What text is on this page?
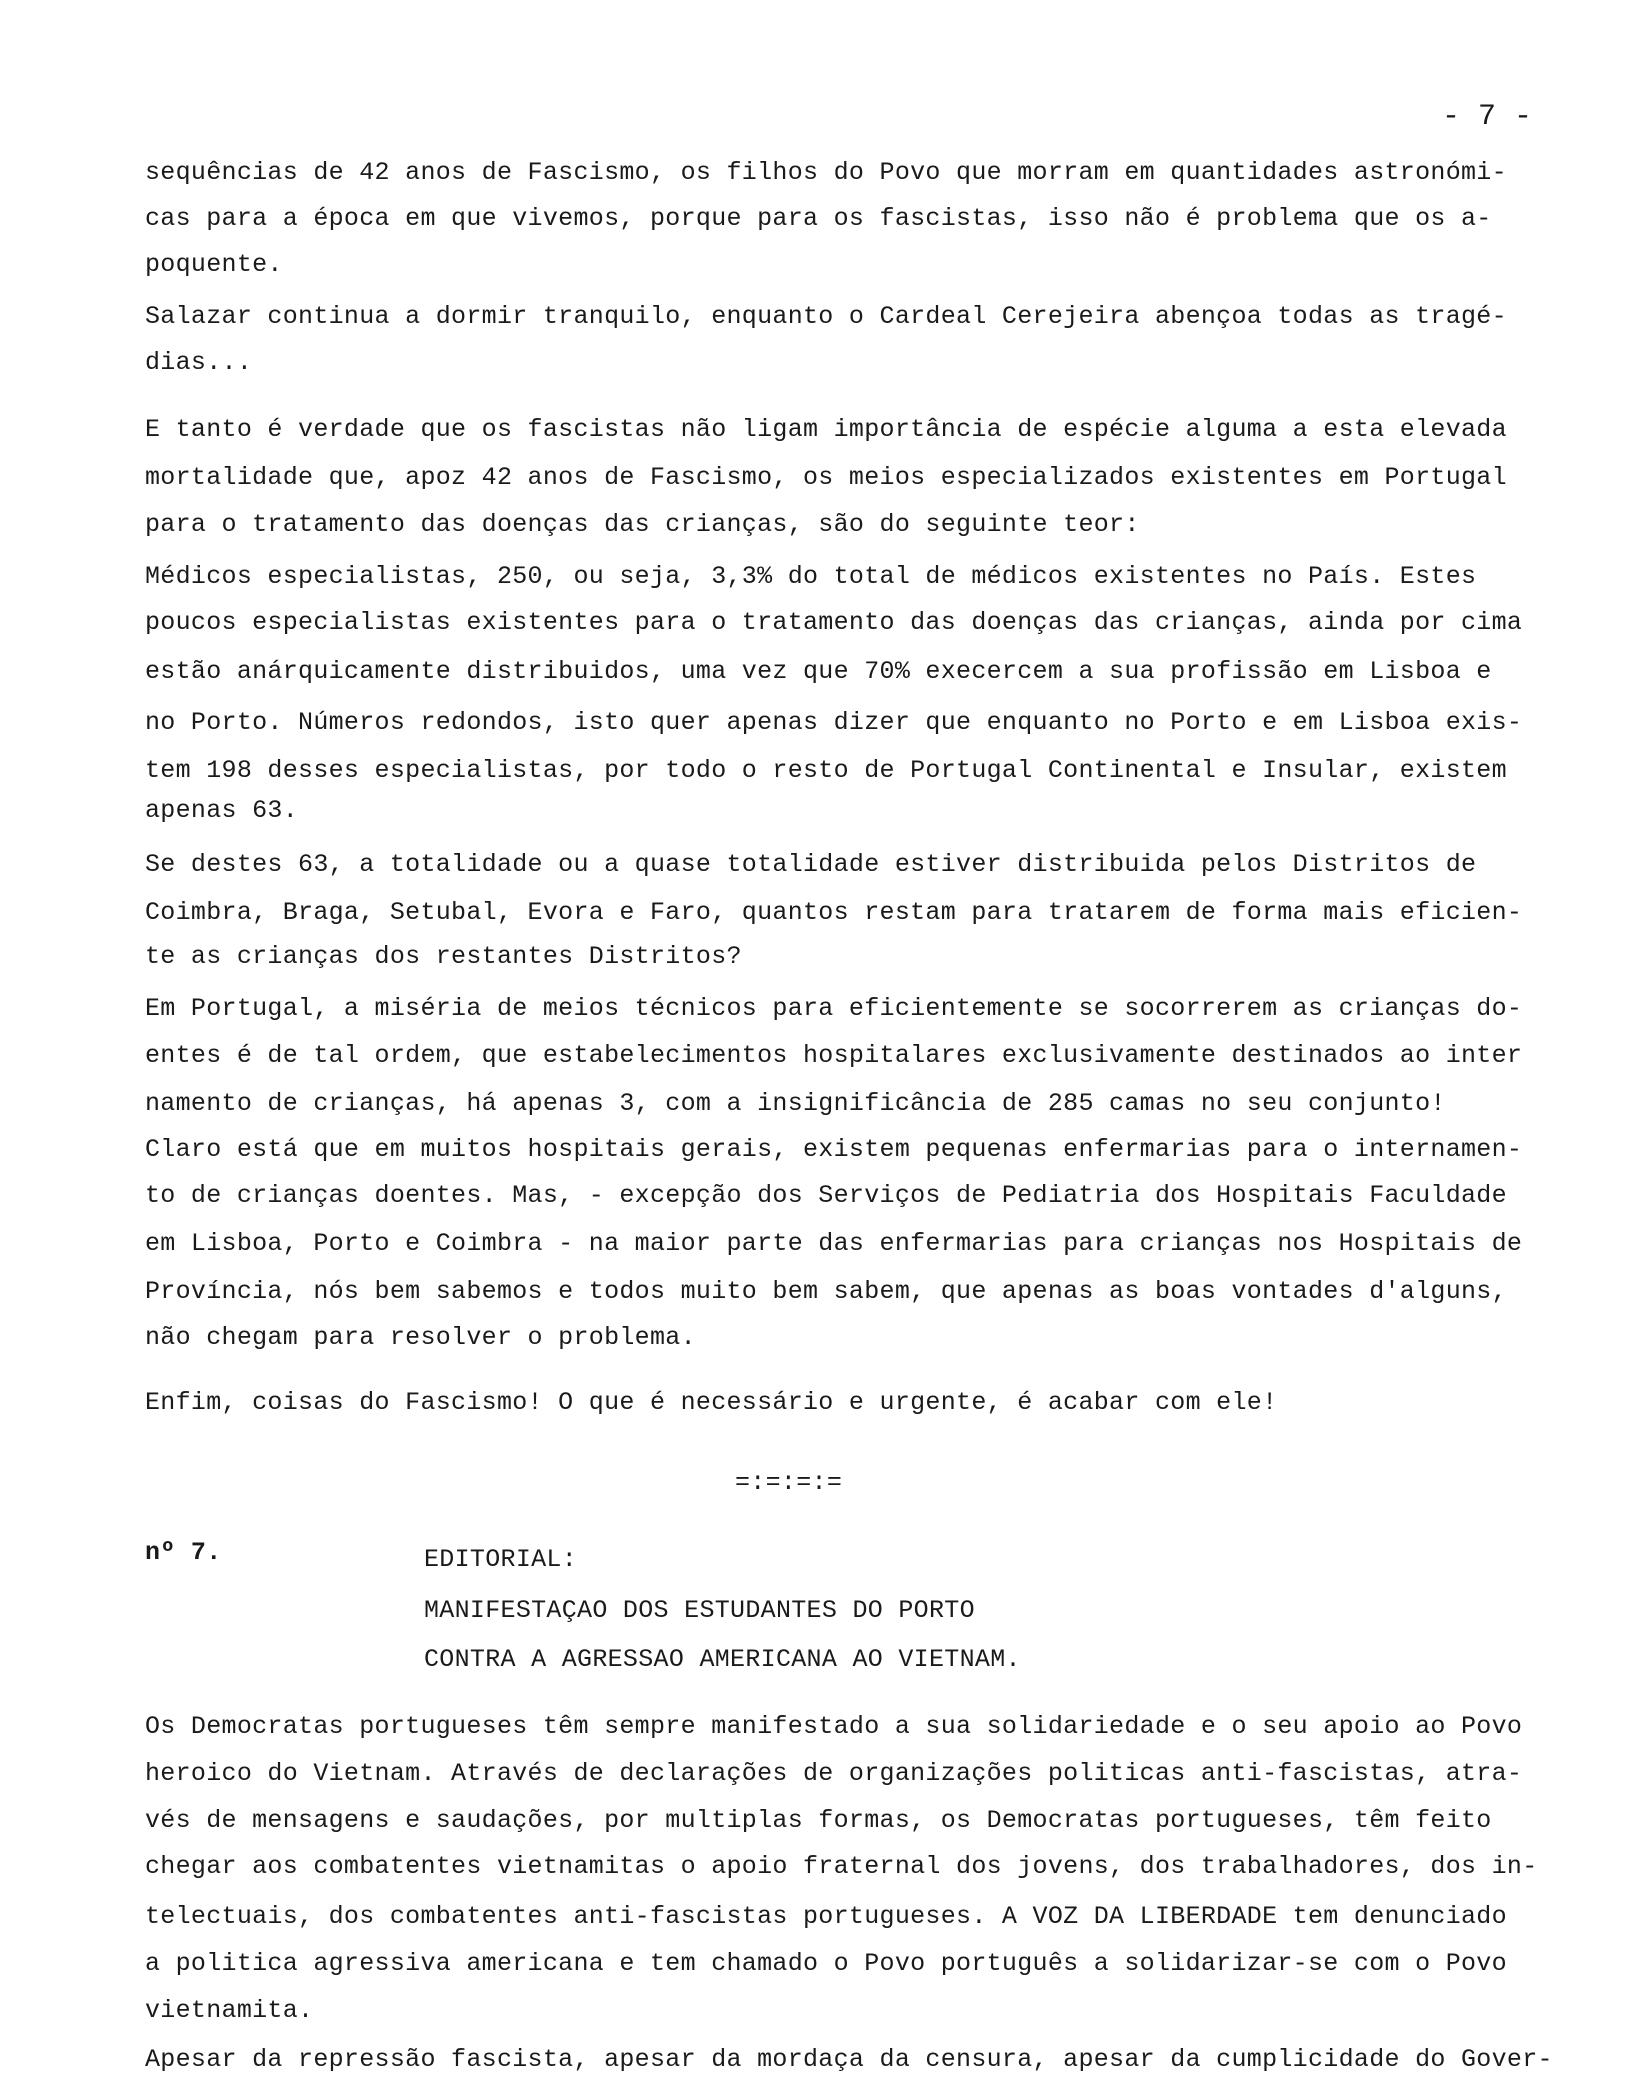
- 7 -
sequências de 42 anos de Fascismo, os filhos do Povo que morram em quantidades astronómi-
cas para a época em que vivemos, porque para os fascistas, isso não é problema que os a-
poquente.
Salazar continua a dormir tranquilo, enquanto o Cardeal Cerejeira abençoa todas as tragé-
dias...
E tanto é verdade que os fascistas não ligam importância de espécie alguma a esta elevada
mortalidade que, apoz 42 anos de Fascismo, os meios especializados existentes em Portugal
para o tratamento das doenças das crianças, são do seguinte teor:
Médicos especialistas, 250, ou seja, 3,3% do total de médicos existentes no País. Estes
poucos especialistas existentes para o tratamento das doenças das crianças, ainda por cima
estão anárquicamente distribuidos, uma vez que 70% execercem a sua profissão em Lisboa e
no Porto. Números redondos, isto quer apenas dizer que enquanto no Porto e em Lisboa exis-
tem 198 desses especialistas, por todo o resto de Portugal Continental e Insular, existem
apenas 63.
Se destes 63, a totalidade ou a quase totalidade estiver distribuida pelos Distritos de
Coimbra, Braga, Setubal, Evora e Faro, quantos restam para tratarem de forma mais eficien-
te as crianças dos restantes Distritos?
Em Portugal, a miséria de meios técnicos para eficientemente se socorrerem as crianças do-
entes é de tal ordem, que estabelecimentos hospitalares exclusivamente destinados ao inter
namento de crianças, há apenas 3, com a insignificância de 285 camas no seu conjunto!
Claro está que em muitos hospitais gerais, existem pequenas enfermarias para o internamen-
to de crianças doentes. Mas, - excepção dos Serviços de Pediatria dos Hospitais Faculdade
em Lisboa, Porto e Coimbra - na maior parte das enfermarias para crianças nos Hospitais de
Província, nós bem sabemos e todos muito bem sabem, que apenas as boas vontades d'alguns,
não chegam para resolver o problema.
Enfim, coisas do Fascismo! O que é necessário e urgente, é acabar com ele!
=:=:=:=
nº 7.	EDITORIAL:
MANIFESTAÇAO DOS ESTUDANTES DO PORTO
CONTRA A AGRESSAO AMERICANA AO VIETNAM.
Os Democratas portugueses têm sempre manifestado a sua solidariedade e o seu apoio ao Povo
heroico do Vietnam. Através de declarações de organizações politicas anti-fascistas, atra-
vés de mensagens e saudações, por multiplas formas, os Democratas portugueses, têm feito
chegar aos combatentes vietnamitas o apoio fraternal dos jovens, dos trabalhadores, dos in-
telectuais, dos combatentes anti-fascistas portugueses. A VOZ DA LIBERDADE tem denunciado
a politica agressiva americana e tem chamado o Povo português a solidarizar-se com o Povo
vietnamita.
Apesar da repressão fascista, apesar da mordaça da censura, apesar da cumplicidade do Gover-
